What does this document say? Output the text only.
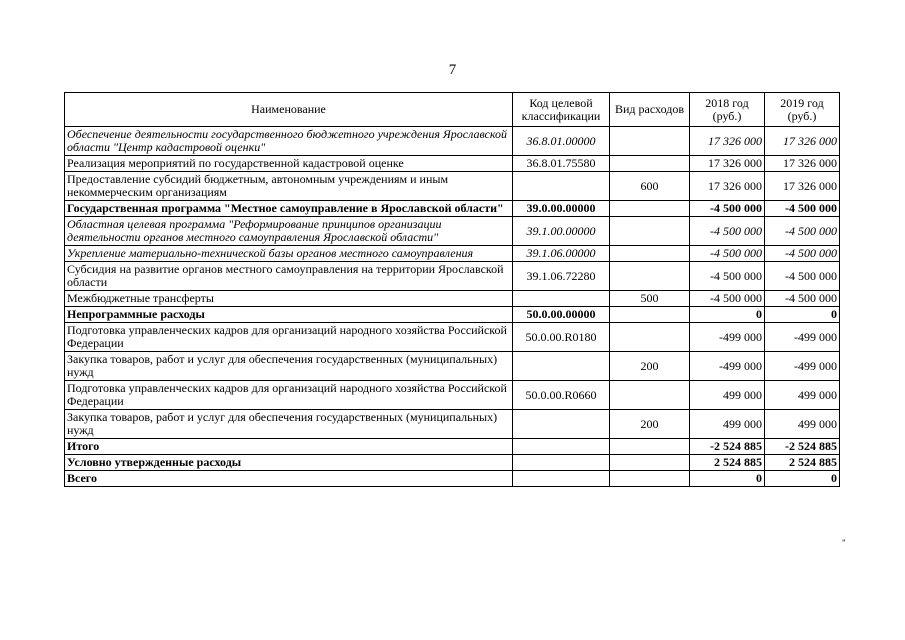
7
Наименование	Код целевой классификации	Вид расходов	2018 год (руб.)	2019 год (руб.)
Обеспечение деятельности государственного бюджетного учреждения Ярославской области "Центр кадастровой оценки"	36.8.01.00000		17 326 000	17 326 000
Реализация мероприятий по государственной кадастровой оценке	36.8.01.75580		17 326 000	17 326 000
Предоставление субсидий бюджетным, автономным учреждениям и иным некоммерческим организациям		600	17 326 000	17 326 000
Государственная программа "Местное самоуправление в Ярославской области"	39.0.00.00000		-4 500 000	-4 500 000
Областная целевая программа "Реформирование принципов организации деятельности органов местного самоуправления Ярославской области"	39.1.00.00000		-4 500 000	-4 500 000
Укрепление материально-технической базы органов местного самоуправления	39.1.06.00000		-4 500 000	-4 500 000
Субсидия на развитие органов местного самоуправления на территории Ярославской области	39.1.06.72280		-4 500 000	-4 500 000
Межбюджетные трансферты		500	-4 500 000	-4 500 000
Непрограммные расходы	50.0.00.00000		0	0
Подготовка управленческих кадров для организаций народного хозяйства Российской Федерации	50.0.00.R0180		-499 000	-499 000
Закупка товаров, работ и услуг для обеспечения государственных (муниципальных) нужд		200	-499 000	-499 000
Подготовка управленческих кадров для организаций народного хозяйства Российской Федерации	50.0.00.R0660		499 000	499 000
Закупка товаров, работ и услуг для обеспечения государственных (муниципальных) нужд		200	499 000	499 000
Итого			-2 524 885	-2 524 885
Условно утвержденные расходы			2 524 885	2 524 885
Всего			0	0
"
